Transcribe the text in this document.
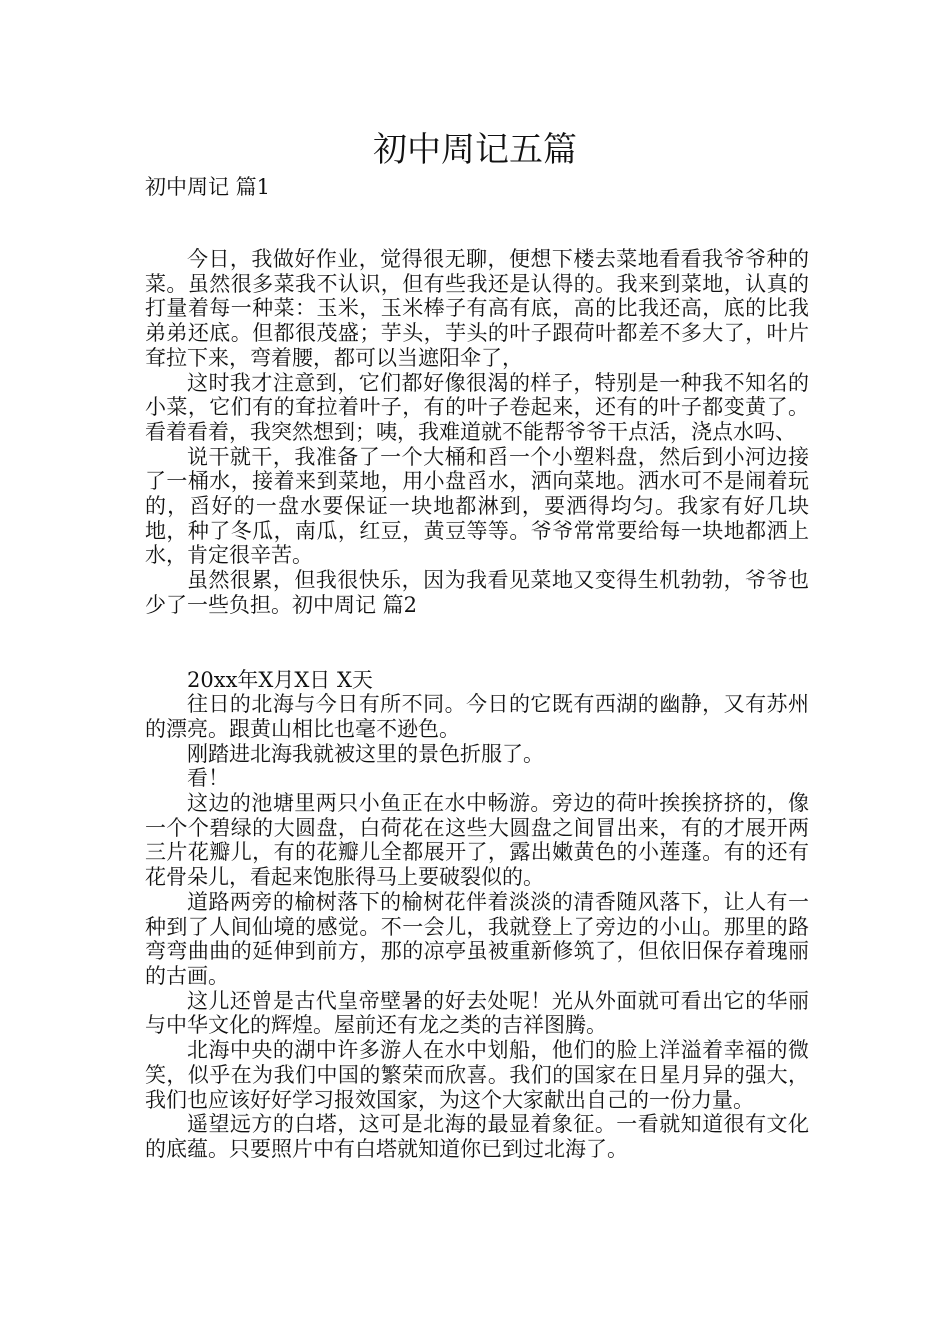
初中周记五篇
初中周记 篇1

今日，我做好作业，觉得很无聊，便想下楼去菜地看看我爷爷种的菜。虽然很多菜我不认识，但有些我还是认得的。我来到菜地，认真的打量着每一种菜：玉米，玉米棒子有高有底，高的比我还高，底的比我弟弟还底。但都很茂盛；芋头，芋头的叶子跟荷叶都差不多大了，叶片耷拉下来，弯着腰，都可以当遮阳伞了，

这时我才注意到，它们都好像很渴的样子，特别是一种我不知名的小菜，它们有的耷拉着叶子，有的叶子卷起来，还有的叶子都变黄了。看着看着，我突然想到；咦，我难道就不能帮爷爷干点活，浇点水吗、

说干就干，我准备了一个大桶和舀一个小塑料盘，然后到小河边接了一桶水，接着来到菜地，用小盘舀水，洒向菜地。洒水可不是闹着玩的，舀好的一盘水要保证一块地都淋到，要洒得均匀。我家有好几块地，种了冬瓜，南瓜，红豆，黄豆等等。爷爷常常要给每一块地都洒上水，肯定很辛苦。

虽然很累，但我很快乐，因为我看见菜地又变得生机勃勃，爷爷也少了一些负担。初中周记 篇2

20xx年X月X日 X天

往日的北海与今日有所不同。今日的它既有西湖的幽静，又有苏州的漂亮。跟黄山相比也毫不逊色。

刚踏进北海我就被这里的景色折服了。

看！

这边的池塘里两只小鱼正在水中畅游。旁边的荷叶挨挨挤挤的，像一个个碧绿的大圆盘，白荷花在这些大圆盘之间冒出来，有的才展开两三片花瓣儿，有的花瓣儿全都展开了，露出嫩黄色的小莲蓬。有的还有花骨朵儿，看起来饱胀得马上要破裂似的。

道路两旁的榆树落下的榆树花伴着淡淡的清香随风落下，让人有一种到了人间仙境的感觉。不一会儿，我就登上了旁边的小山。那里的路弯弯曲曲的延伸到前方，那的凉亭虽被重新修筑了，但依旧保存着瑰丽的古画。

这儿还曾是古代皇帝壁暑的好去处呢！光从外面就可看出它的华丽与中华文化的辉煌。屋前还有龙之类的吉祥图腾。

北海中央的湖中许多游人在水中划船，他们的脸上洋溢着幸福的微笑，似乎在为我们中国的繁荣而欣喜。我们的国家在日星月异的强大，我们也应该好好学习报效国家，为这个大家献出自己的一份力量。

遥望远方的白塔，这可是北海的最显着象征。一看就知道很有文化的底蕴。只要照片中有白塔就知道你已到过北海了。
